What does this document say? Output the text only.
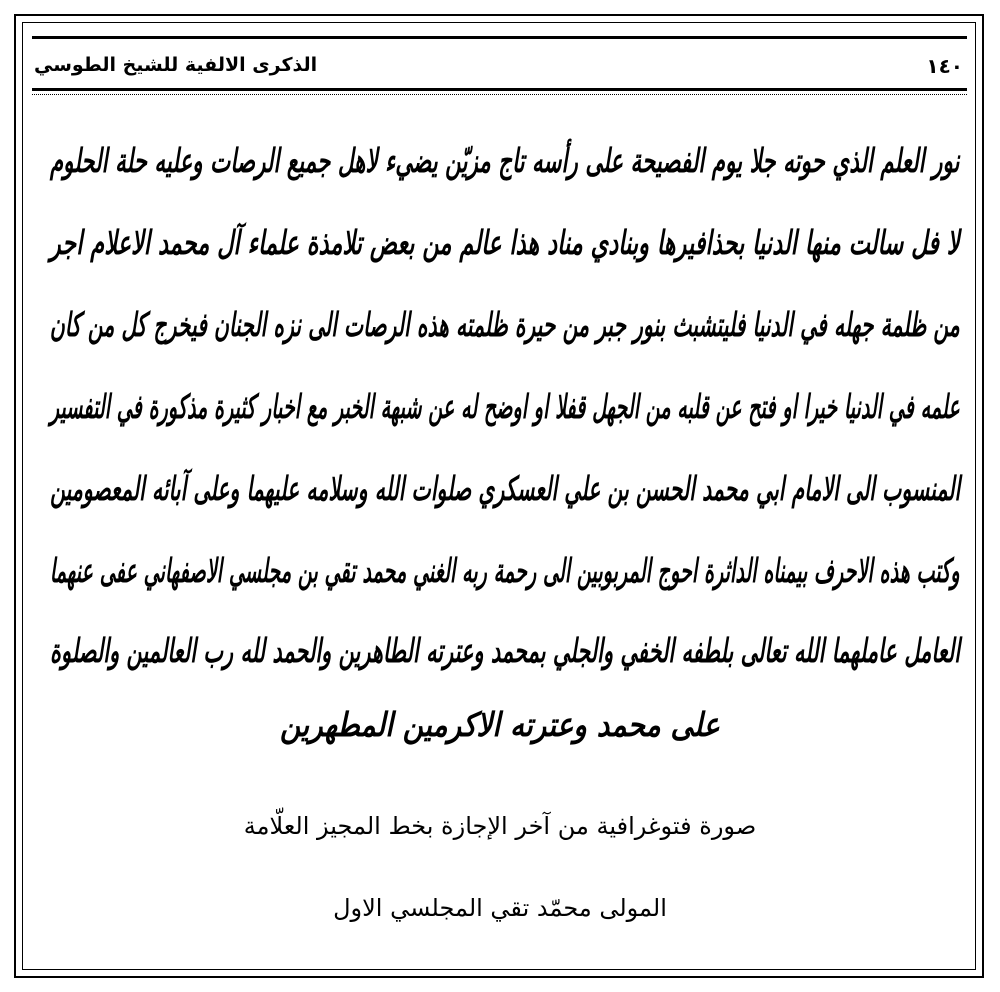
الذكرى الالفية للشيخ الطوسي	١٤٠
نور العلم الذي حوته جلا يوم الفصيحة على رأسه تاج مزيّن يضيء لاهل جميع الرصات وعليه حلة الحلوم
لا فل سالت منها الدنيا بحذافيرها وبنادي مناد هذا عالم من بعض تلامذة علماء آل محمد الاعلام اجر
من ظلمة جهله في الدنيا فليتشبث بنور جبر من حيرة ظلمته هذه الرصات الى نزه الجنان فيخرج كل من كان
علمه في الدنيا خيرا او فتح عن قلبه من الجهل قفلا او اوضح له عن شبهة الخبر مع اخبار كثيرة مذكورة في التفسير
المنسوب الى الامام ابي محمد الحسن بن علي العسكري صلوات الله وسلامه عليهما وعلى آبائه المعصومين
وكتب هذه الاحرف بيمناه الداثرة احوج المربوبين الى رحمة ربه الغني محمد تقي بن مجلسي الاصفهاني عفى عنهما
العامل عاملهما الله تعالى بلطفه الخفي والجلي بمحمد وعترته الطاهرين والحمد لله رب العالمين والصلوة
على محمد وعترته الاكرمين المطهرين
صورة فتوغرافية من آخر الإجازة بخط المجيز العلّامة
المولى محمّد تقي المجلسي الاول
